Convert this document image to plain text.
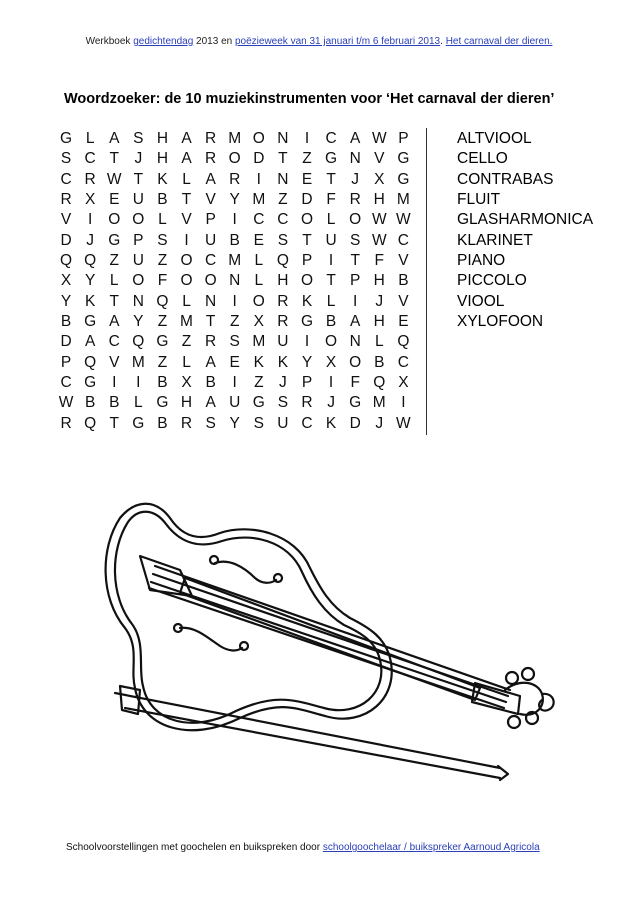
Werkboek gedichtendag 2013 en poëzieweek van 31 januari t/m 6 februari 2013. Het carnaval der dieren.
Woordzoeker: de 10 muziekinstrumenten voor ‘Het carnaval der dieren’
G L A S H A R M O N	I	C A W P
S C T J H A R O D T Z G N V G
C R W T K L A R	I	N E T J X G
R X E U B T V Y M Z D F R H M
V	I	O O L V P	I	C C O L O W W
D J G P S	I	U B E S T U S W C
Q Q Z U Z O C M L Q P	I	T F V
X Y L O F O O N L H O T P H B
Y K T N Q L N	I	O R K L	I	J V
B G A Y Z M T Z X R G B A H E
D A C Q G Z R S M U	I	O N L Q
P Q V M Z L A E K K Y X O B C
C G	I	I	B X B	I	Z J P	I	F Q X
W B B L G H A U G S R J G M I
R Q T G B R S Y S U C K D J W
ALTVIOOL
CELLO
CONTRABAS
FLUIT
GLASHARMONICA
KLARINET
PIANO
PICCOLO
VIOOL
XYLOFOON
Schoolvoorstellingen met goochelen en buikspreken door schoolgoochelaar / buikspreker Aarnoud Agricola
